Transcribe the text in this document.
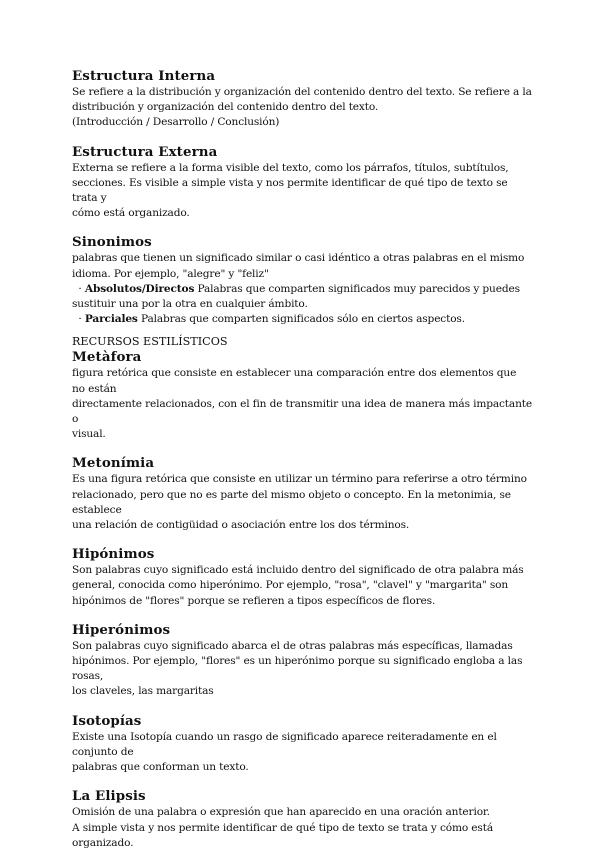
Estructura Interna

Se refiere a la distribución y organización del contenido dentro del texto. Se refiere a la

distribución y organización del contenido dentro del texto.

(Introducción / Desarrollo / Conclusión)

Estructura Externa

Externa se refiere a la forma visible del texto, como los párrafos, títulos, subtítulos,

secciones. Es visible a simple vista y nos permite identificar de qué tipo de texto se trata y

cómo está organizado.

Sinonimos

palabras que tienen un significado similar o casi idéntico a otras palabras en el mismo

idioma. Por ejemplo, "alegre" y "feliz"

· Absolutos/Directos Palabras que comparten significados muy parecidos y puedes

sustituir una por la otra en cualquier ámbito.

· Parciales Palabras que comparten significados sólo en ciertos aspectos.

RECURSOS ESTILÍSTICOS

Metàfora

figura retórica que consiste en establecer una comparación entre dos elementos que no están

directamente relacionados, con el fin de transmitir una idea de manera más impactante o

visual.

Metonímia

Es una figura retórica que consiste en utilizar un término para referirse a otro término

relacionado, pero que no es parte del mismo objeto o concepto. En la metonimia, se establece

una relación de contigüidad o asociación entre los dos términos.

Hipónimos

Son palabras cuyo significado está incluido dentro del significado de otra palabra más

general, conocida como hiperónimo. Por ejemplo, "rosa", "clavel" y "margarita" son

hipónimos de "flores" porque se refieren a tipos específicos de flores.

Hiperónimos

Son palabras cuyo significado abarca el de otras palabras más específicas, llamadas

hipónimos. Por ejemplo, "flores" es un hiperónimo porque su significado engloba a las rosas,

los claveles, las margaritas

Isotopías

Existe una Isotopía cuando un rasgo de significado aparece reiteradamente en el conjunto de

palabras que conforman un texto.

La Elipsis

Omisión de una palabra o expresión que han aparecido en una oración anterior.

A simple vista y nos permite identificar de qué tipo de texto se trata y cómo está organizado.
